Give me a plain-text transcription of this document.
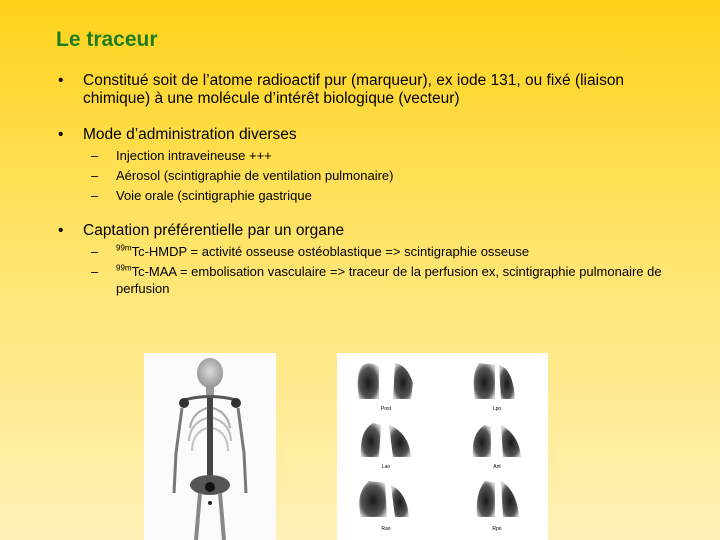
Le traceur
• Constitué soit de l’atome radioactif pur (marqueur), ex iode 131, ou fixé (liaison chimique) à une molécule d’intérêt biologique (vecteur)
• Mode d’administration diverses
– Injection intraveineuse +++
– Aérosol (scintigraphie de ventilation pulmonaire)
– Voie orale (scintigraphie gastrique
• Captation préférentielle par un organe
– $^{99m}$Tc-HMDP = activité osseuse ostéoblastique => scintigraphie osseuse
– $^{99m}$Tc-MAA = embolisation vasculaire => traceur de la perfusion ex, scintigraphie pulmonaire de perfusion
Post	Lpo
Lao	Ant
Rao	Rpo
